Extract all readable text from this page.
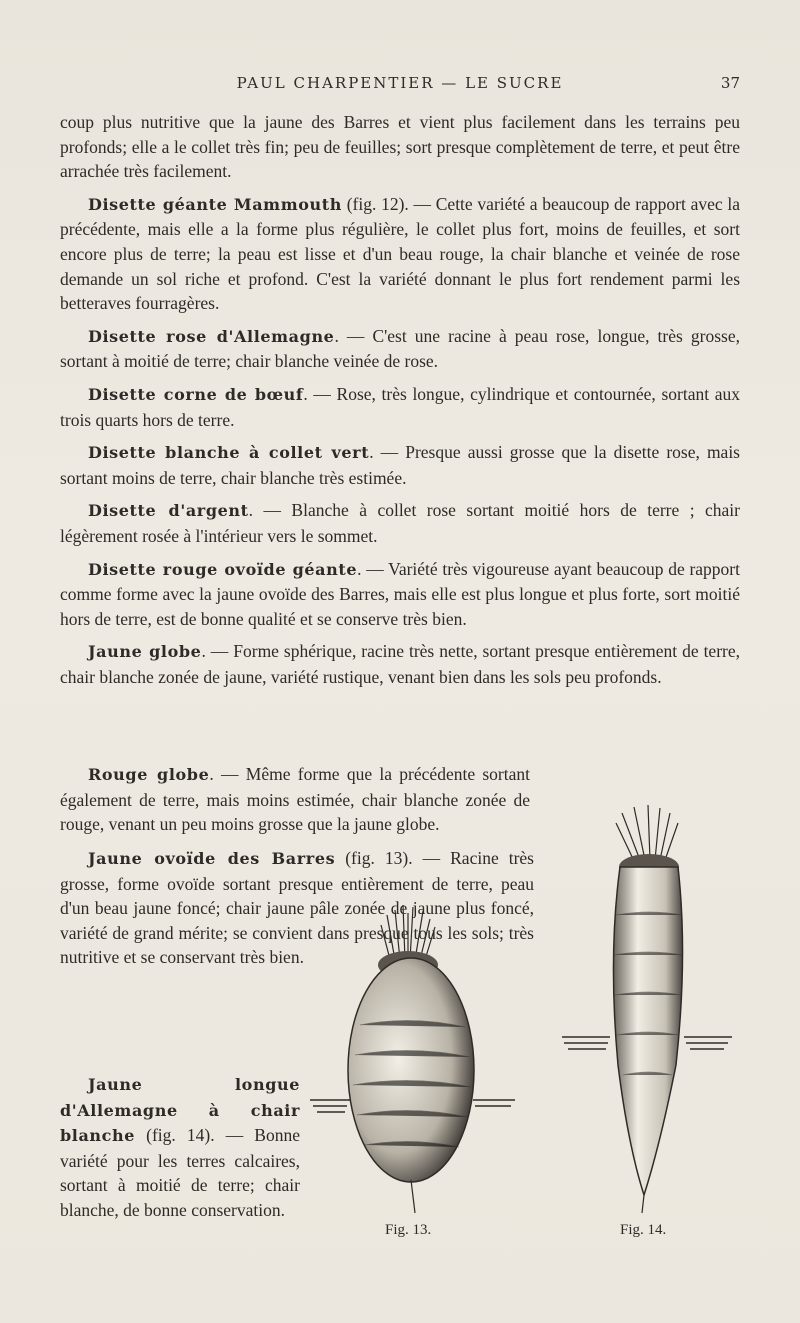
PAUL CHARPENTIER — LE SUCRE	37

coup plus nutritive que la jaune des Barres et vient plus facilement dans les terrains peu profonds; elle a le collet très fin; peu de feuilles; sort presque complètement de terre, et peut être arrachée très facilement.

Disette géante Mammouth (fig. 12). — Cette variété a beaucoup de rapport avec la précédente, mais elle a la forme plus régulière, le collet plus fort, moins de feuilles, et sort encore plus de terre; la peau est lisse et d'un beau rouge, la chair blanche et veinée de rose demande un sol riche et profond. C'est la variété donnant le plus fort rendement parmi les betteraves fourragères.

Disette rose d'Allemagne. — C'est une racine à peau rose, longue, très grosse, sortant à moitié de terre; chair blanche veinée de rose.

Disette corne de bœuf. — Rose, très longue, cylindrique et contournée, sortant aux trois quarts hors de terre.

Disette blanche à collet vert. — Presque aussi grosse que la disette rose, mais sortant moins de terre, chair blanche très estimée.

Disette d'argent. — Blanche à collet rose sortant moitié hors de terre ; chair légèrement rosée à l'intérieur vers le sommet.

Disette rouge ovoïde géante. — Variété très vigoureuse ayant beaucoup de rapport comme forme avec la jaune ovoïde des Barres, mais elle est plus longue et plus forte, sort moitié hors de terre, est de bonne qualité et se conserve très bien.

Jaune globe. — Forme sphérique, racine très nette, sortant presque entièrement de terre, chair blanche zonée de jaune, variété rustique, venant bien dans les sols peu profonds.

Rouge globe. — Même forme que la précédente sortant également de terre, mais moins estimée, chair blanche zonée de rouge, venant un peu moins grosse que la jaune globe.

Jaune ovoïde des Barres (fig. 13). — Racine très grosse, forme ovoïde sortant presque entièrement de terre, peau d'un beau jaune foncé; chair jaune pâle zonée de jaune plus foncé, variété de grand mérite; se convient dans presque tous les sols; très nutritive et se conservant très bien.

Jaune longue d'Allemagne à chair blanche (fig. 14). — Bonne variété pour les terres calcaires, sortant à moitié de terre; chair blanche, de bonne conservation.

Fig. 13.	Fig. 14.
